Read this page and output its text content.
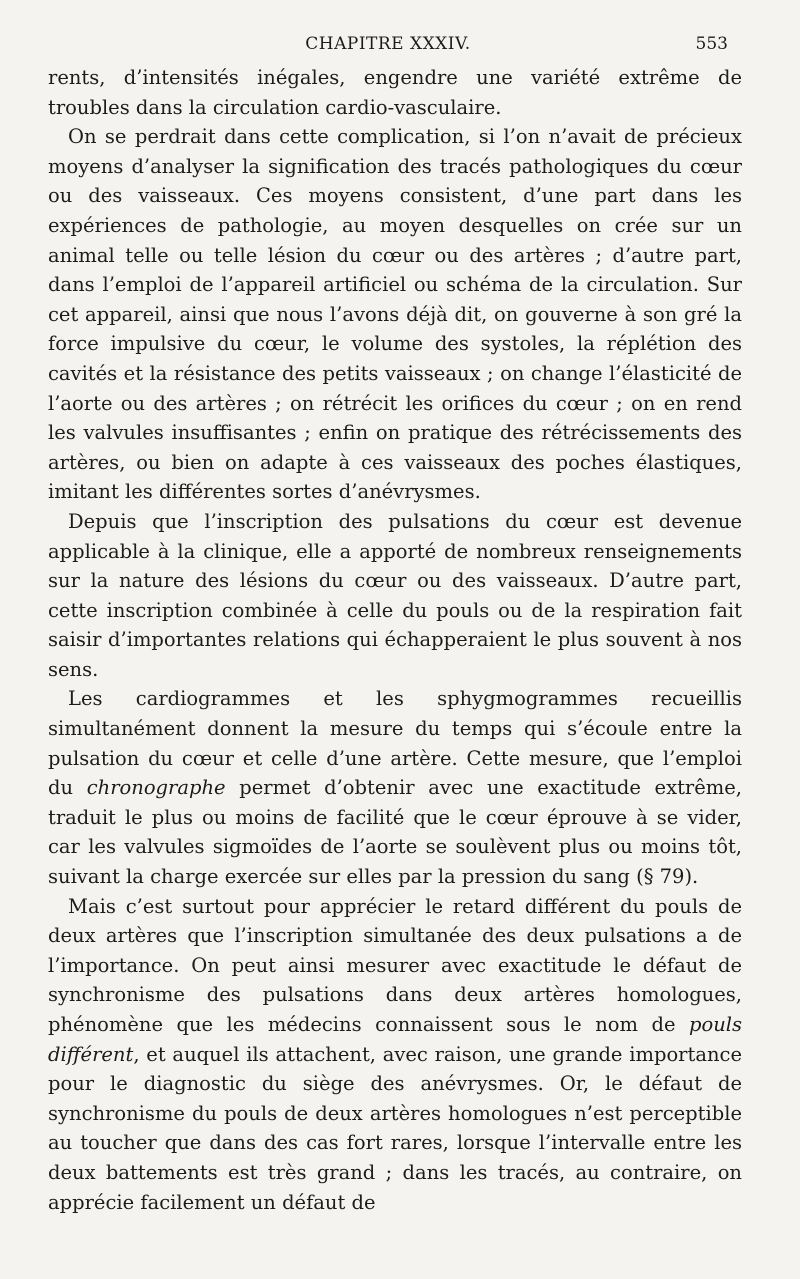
CHAPITRE XXXIV.	553

rents, d’intensités inégales, engendre une variété extrême de troubles dans la circulation cardio-vasculaire.

On se perdrait dans cette complication, si l’on n’avait de précieux moyens d’analyser la signification des tracés pathologiques du cœur ou des vaisseaux. Ces moyens consistent, d’une part dans les expériences de pathologie, au moyen desquelles on crée sur un animal telle ou telle lésion du cœur ou des artères ; d’autre part, dans l’emploi de l’appareil artificiel ou schéma de la circulation. Sur cet appareil, ainsi que nous l’avons déjà dit, on gouverne à son gré la force impulsive du cœur, le volume des systoles, la réplétion des cavités et la résistance des petits vaisseaux ; on change l’élasticité de l’aorte ou des artères ; on rétrécit les orifices du cœur ; on en rend les valvules insuffisantes ; enfin on pratique des rétrécissements des artères, ou bien on adapte à ces vaisseaux des poches élastiques, imitant les différentes sortes d’anévrysmes.

Depuis que l’inscription des pulsations du cœur est devenue applicable à la clinique, elle a apporté de nombreux renseignements sur la nature des lésions du cœur ou des vaisseaux. D’autre part, cette inscription combinée à celle du pouls ou de la respiration fait saisir d’importantes relations qui échapperaient le plus souvent à nos sens.

Les cardiogrammes et les sphygmogrammes recueillis simultanément donnent la mesure du temps qui s’écoule entre la pulsation du cœur et celle d’une artère. Cette mesure, que l’emploi du chronographe permet d’obtenir avec une exactitude extrême, traduit le plus ou moins de facilité que le cœur éprouve à se vider, car les valvules sigmoïdes de l’aorte se soulèvent plus ou moins tôt, suivant la charge exercée sur elles par la pression du sang (§ 79).

Mais c’est surtout pour apprécier le retard différent du pouls de deux artères que l’inscription simultanée des deux pulsations a de l’importance. On peut ainsi mesurer avec exactitude le défaut de synchronisme des pulsations dans deux artères homologues, phénomène que les médecins connaissent sous le nom de pouls différent, et auquel ils attachent, avec raison, une grande importance pour le diagnostic du siège des anévrysmes. Or, le défaut de synchronisme du pouls de deux artères homologues n’est perceptible au toucher que dans des cas fort rares, lorsque l’intervalle entre les deux battements est très grand ; dans les tracés, au contraire, on apprécie facilement un défaut de
